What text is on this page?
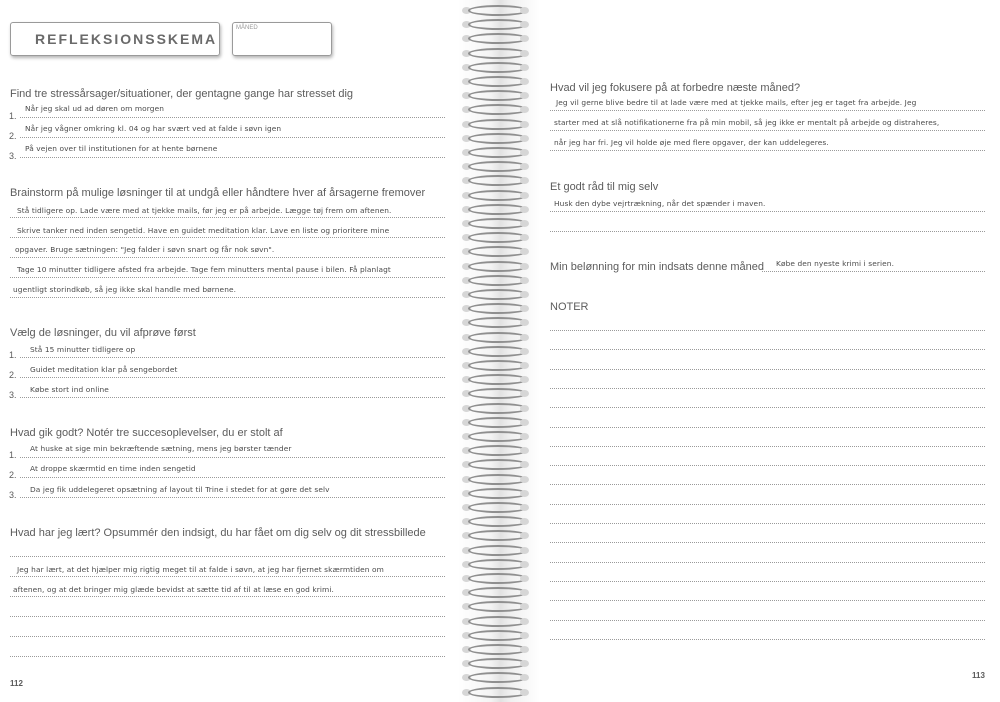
REFLEKSIONSSKEMA
MÅNED
Find tre stressårsager/situationer, der gentagne gange har stresset dig
1.
Når jeg skal ud ad døren om morgen
2.
Når jeg vågner omkring kl. 04 og har svært ved at falde i søvn igen
3.
På vejen over til institutionen for at hente børnene
Brainstorm på mulige løsninger til at undgå eller håndtere hver af årsagerne fremover
Stå tidligere op. Lade være med at tjekke mails, før jeg er på arbejde. Lægge tøj frem om aftenen.
Skrive tanker ned inden sengetid. Have en guidet meditation klar. Lave en liste og prioritere mine
opgaver. Bruge sætningen: "Jeg falder i søvn snart og får nok søvn".
Tage 10 minutter tidligere afsted fra arbejde. Tage fem minutters mental pause i bilen. Få planlagt
ugentligt storindkøb, så jeg ikke skal handle med børnene.
Vælg de løsninger, du vil afprøve først
1.
Stå 15 minutter tidligere op
2.
Guidet meditation klar på sengebordet
3.
Købe stort ind online
Hvad gik godt? Notér tre succesoplevelser, du er stolt af
1.
At huske at sige min bekræftende sætning, mens jeg børster tænder
2.
At droppe skærmtid en time inden sengetid
3.
Da jeg fik uddelegeret opsætning af layout til Trine i stedet for at gøre det selv
Hvad har jeg lært? Opsummér den indsigt, du har fået om dig selv og dit stressbillede
Jeg har lært, at det hjælper mig rigtig meget til at falde i søvn, at jeg har fjernet skærmtiden om
aftenen, og at det bringer mig glæde bevidst at sætte tid af til at læse en god krimi.
112
Hvad vil jeg fokusere på at forbedre næste måned?
Jeg vil gerne blive bedre til at lade være med at tjekke mails, efter jeg er taget fra arbejde. Jeg
starter med at slå notifikationerne fra på min mobil, så jeg ikke er mentalt på arbejde og distraheres,
når jeg har fri. Jeg vil holde øje med flere opgaver, der kan uddelegeres.
Et godt råd til mig selv
Husk den dybe vejrtrækning, når det spænder i maven.
Min belønning for min indsats denne måned Købe den nyeste krimi i serien.
NOTER
113
